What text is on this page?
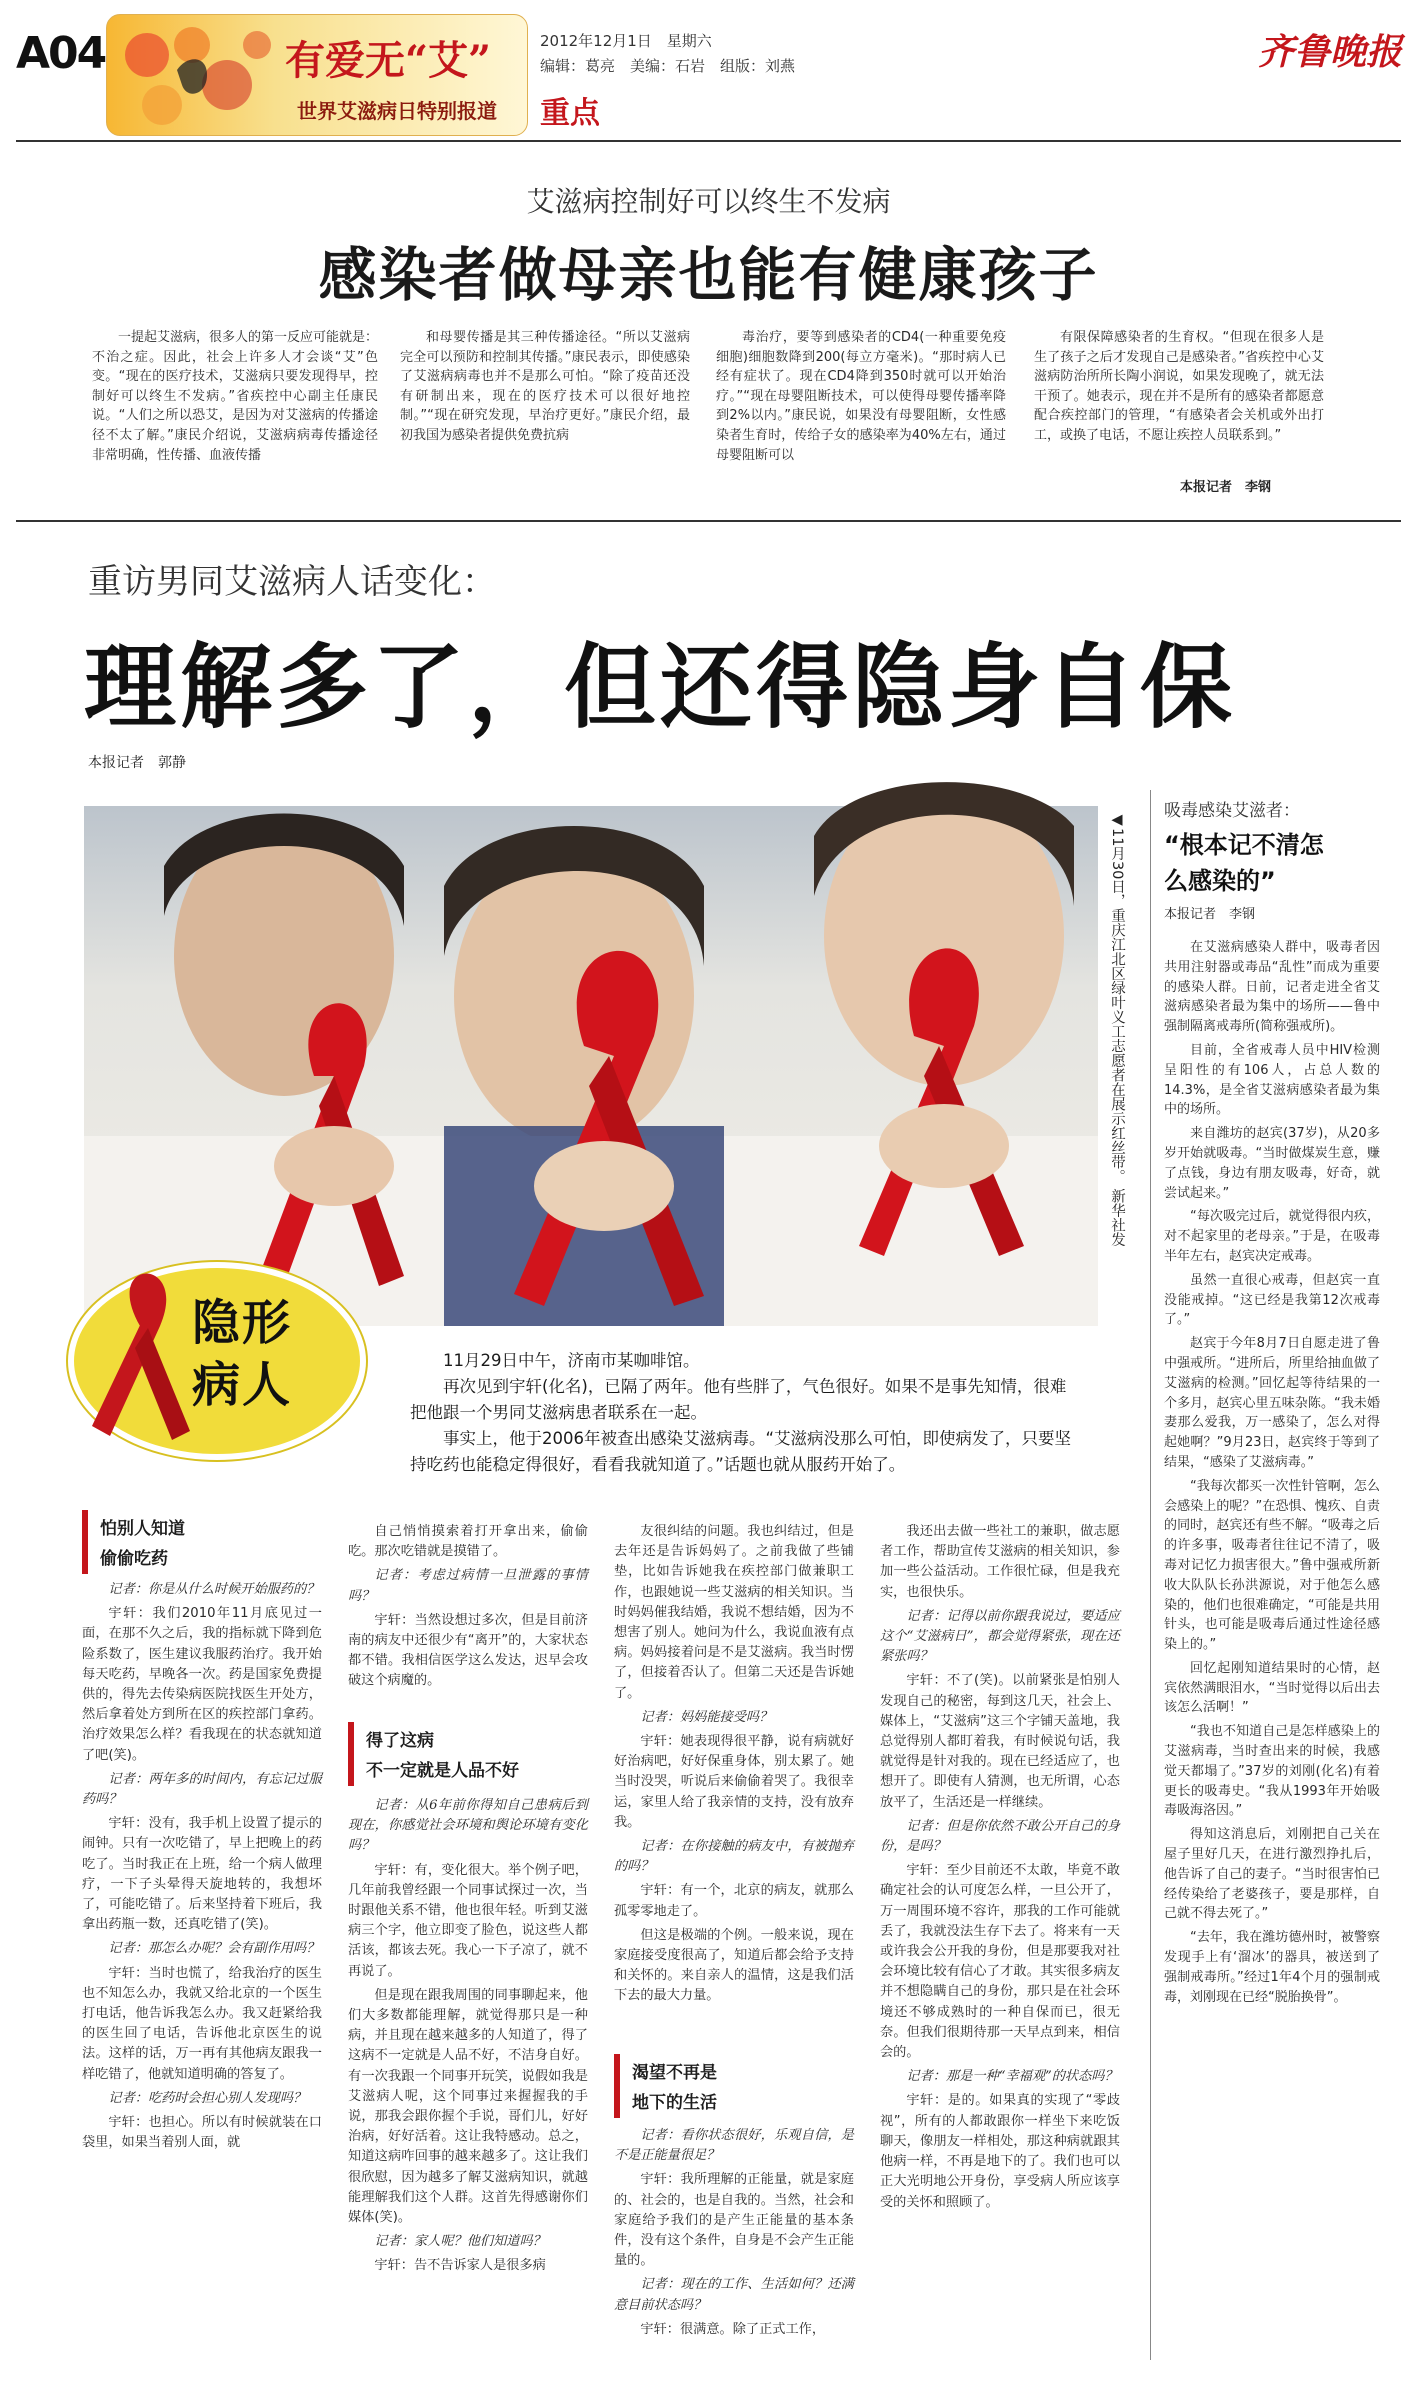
A04	有爱无“艾”
世界艾滋病日特别报道
2012年12月1日　星期六
编辑：葛亮　美编：石岩　组版：刘燕
重点
齐鲁晚报
艾滋病控制好可以终生不发病
感染者做母亲也能有健康孩子

一提起艾滋病，很多人的第一反应可能就是：不治之症。因此，社会上许多人才会谈“艾”色变。“现在的医疗技术，艾滋病只要发现得早，控制好可以终生不发病。”省疾控中心副主任康民说。“人们之所以恐艾，是因为对艾滋病的传播途径不太了解。”康民介绍说，艾滋病病毒传播途径非常明确，性传播、血液传播

和母婴传播是其三种传播途径。“所以艾滋病完全可以预防和控制其传播。”康民表示，即使感染了艾滋病病毒也并不是那么可怕。“除了疫苗还没有研制出来，现在的医疗技术可以很好地控制。”“现在研究发现，早治疗更好。”康民介绍，最初我国为感染者提供免费抗病

毒治疗，要等到感染者的CD4(一种重要免疫细胞)细胞数降到200(每立方毫米)。“那时病人已经有症状了。现在CD4降到350时就可以开始治疗。”“现在母婴阻断技术，可以使得母婴传播率降到2%以内。”康民说，如果没有母婴阻断，女性感染者生育时，传给子女的感染率为40%左右，通过母婴阻断可以

有限保障感染者的生育权。“但现在很多人是生了孩子之后才发现自己是感染者。”省疾控中心艾滋病防治所所长陶小润说，如果发现晚了，就无法干预了。她表示，现在并不是所有的感染者都愿意配合疾控部门的管理，“有感染者会关机或外出打工，或换了电话，不愿让疾控人员联系到。”

本报记者　李钢
重访男同艾滋病人话变化：
理解多了，但还得隐身自保
本报记者　郭静
◀11月30日，重庆江北区绿叶义工志愿者在展示红丝带。 新华社发
隐形病人	11月29日中午，济南市某咖啡馆。

再次见到宇轩(化名)，已隔了两年。他有些胖了，气色很好。如果不是事先知情，很难把他跟一个男同艾滋病患者联系在一起。

事实上，他于2006年被查出感染艾滋病毒。“艾滋病没那么可怕，即使病发了，只要坚持吃药也能稳定得很好，看看我就知道了。”话题也就从服药开始了。

怕别人知道
偷偷吃药

记者：你是从什么时候开始服药的？

宇轩：我们2010年11月底见过一面，在那不久之后，我的指标就下降到危险系数了，医生建议我服药治疗。我开始每天吃药，早晚各一次。药是国家免费提供的，得先去传染病医院找医生开处方，然后拿着处方到所在区的疾控部门拿药。治疗效果怎么样？看我现在的状态就知道了吧(笑)。

记者：两年多的时间内，有忘记过服药吗？

宇轩：没有，我手机上设置了提示的闹钟。只有一次吃错了，早上把晚上的药吃了。当时我正在上班，给一个病人做理疗，一下子头晕得天旋地转的，我想坏了，可能吃错了。后来坚持着下班后，我拿出药瓶一数，还真吃错了(笑)。

记者：那怎么办呢？会有副作用吗？

宇轩：当时也慌了，给我治疗的医生也不知怎么办，我就又给北京的一个医生打电话，他告诉我怎么办。我又赶紧给我的医生回了电话，告诉他北京医生的说法。这样的话，万一再有其他病友跟我一样吃错了，他就知道明确的答复了。

记者：吃药时会担心别人发现吗？

宇轩：也担心。所以有时候就装在口袋里，如果当着别人面，就

自己悄悄摸索着打开拿出来，偷偷吃。那次吃错就是摸错了。

记者：考虑过病情一旦泄露的事情吗？

宇轩：当然设想过多次，但是目前济南的病友中还很少有“离开”的，大家状态都不错。我相信医学这么发达，迟早会攻破这个病魔的。

得了这病
不一定就是人品不好

记者：从6年前你得知自己患病后到现在，你感觉社会环境和舆论环境有变化吗？

宇轩：有，变化很大。举个例子吧，几年前我曾经跟一个同事试探过一次，当时跟他关系不错，他也很年轻。听到艾滋病三个字，他立即变了脸色，说这些人都活该，都该去死。我心一下子凉了，就不再说了。

但是现在跟我周围的同事聊起来，他们大多数都能理解，就觉得那只是一种病，并且现在越来越多的人知道了，得了这病不一定就是人品不好，不洁身自好。有一次我跟一个同事开玩笑，说假如我是艾滋病人呢，这个同事过来握握我的手说，那我会跟你握个手说，哥们儿，好好治病，好好活着。这让我特感动。总之，知道这病咋回事的越来越多了。这让我们很欣慰，因为越多了解艾滋病知识，就越能理解我们这个人群。这首先得感谢你们媒体(笑)。

记者：家人呢？他们知道吗？

宇轩：告不告诉家人是很多病

友很纠结的问题。我也纠结过，但是去年还是告诉妈妈了。之前我做了些铺垫，比如告诉她我在疾控部门做兼职工作，也跟她说一些艾滋病的相关知识。当时妈妈催我结婚，我说不想结婚，因为不想害了别人。她问为什么，我说血液有点病。妈妈接着问是不是艾滋病。我当时愣了，但接着否认了。但第二天还是告诉她了。

记者：妈妈能接受吗？

宇轩：她表现得很平静，说有病就好好治病吧，好好保重身体，别太累了。她当时没哭，听说后来偷偷着哭了。我很幸运，家里人给了我亲情的支持，没有放弃我。

记者：在你接触的病友中，有被抛弃的吗？

宇轩：有一个，北京的病友，就那么孤零零地走了。

但这是极端的个例。一般来说，现在家庭接受度很高了，知道后都会给予支持和关怀的。来自亲人的温情，这是我们活下去的最大力量。

渴望不再是
地下的生活

记者：看你状态很好，乐观自信，是不是正能量很足？

宇轩：我所理解的正能量，就是家庭的、社会的，也是自我的。当然，社会和家庭给予我们的是产生正能量的基本条件，没有这个条件，自身是不会产生正能量的。

记者：现在的工作、生活如何？还满意目前状态吗？

宇轩：很满意。除了正式工作，

我还出去做一些社工的兼职，做志愿者工作，帮助宣传艾滋病的相关知识，参加一些公益活动。工作很忙碌，但是我充实，也很快乐。

记者：记得以前你跟我说过，要适应这个“艾滋病日”，都会觉得紧张，现在还紧张吗？

宇轩：不了(笑)。以前紧张是怕别人发现自己的秘密，每到这几天，社会上、媒体上，“艾滋病”这三个字铺天盖地，我总觉得别人都盯着我，有时候说句话，我就觉得是针对我的。现在已经适应了，也想开了。即使有人猜测，也无所谓，心态放平了，生活还是一样继续。

记者：但是你依然不敢公开自己的身份，是吗？

宇轩：至少目前还不太敢，毕竟不敢确定社会的认可度怎么样，一旦公开了，万一周围环境不容许，那我的工作可能就丢了，我就没法生存下去了。将来有一天或许我会公开我的身份，但是那要我对社会环境比较有信心了才敢。其实很多病友并不想隐瞒自己的身份，那只是在社会环境还不够成熟时的一种自保而已，很无奈。但我们很期待那一天早点到来，相信会的。

记者：那是一种“幸福观”的状态吗？

宇轩：是的。如果真的实现了“零歧视”，所有的人都敢跟你一样坐下来吃饭聊天，像朋友一样相处，那这种病就跟其他病一样，不再是地下的了。我们也可以正大光明地公开身份，享受病人所应该享受的关怀和照顾了。

吸毒感染艾滋者：
“根本记不清怎么感染的”
本报记者　李钢

在艾滋病感染人群中，吸毒者因共用注射器或毒品“乱性”而成为重要的感染人群。日前，记者走进全省艾滋病感染者最为集中的场所——鲁中强制隔离戒毒所(简称强戒所)。

目前，全省戒毒人员中HIV检测呈阳性的有106人，占总人数的14.3%，是全省艾滋病感染者最为集中的场所。

来自潍坊的赵宾(37岁)，从20多岁开始就吸毒。“当时做煤炭生意，赚了点钱，身边有朋友吸毒，好奇，就尝试起来。”

“每次吸完过后，就觉得很内疚，对不起家里的老母亲。”于是，在吸毒半年左右，赵宾决定戒毒。

虽然一直很心戒毒，但赵宾一直没能戒掉。“这已经是我第12次戒毒了。”

赵宾于今年8月7日自愿走进了鲁中强戒所。“进所后，所里给抽血做了艾滋病的检测。”回忆起等待结果的一个多月，赵宾心里五味杂陈。“我未婚妻那么爱我，万一感染了，怎么对得起她啊？”9月23日，赵宾终于等到了结果，“感染了艾滋病毒。”

“我每次都买一次性针管啊，怎么会感染上的呢？”在恐惧、愧疚、自责的同时，赵宾还有些不解。“吸毒之后的许多事，吸毒者往往记不清了，吸毒对记忆力损害很大。”鲁中强戒所新收大队队长孙洪源说，对于他怎么感染的，他们也很难确定，“可能是共用针头，也可能是吸毒后通过性途径感染上的。”

回忆起刚知道结果时的心情，赵宾依然满眼泪水，“当时觉得以后出去该怎么活啊！”

“我也不知道自己是怎样感染上的艾滋病毒，当时查出来的时候，我感觉天都塌了。”37岁的刘刚(化名)有着更长的吸毒史。“我从1993年开始吸毒吸海洛因。”

得知这消息后，刘刚把自己关在屋子里好几天，在进行激烈挣扎后，他告诉了自己的妻子。“当时很害怕已经传染给了老婆孩子，要是那样，自己就不得去死了。”

“去年，我在潍坊德州时，被警察发现手上有‘溜冰’的器具，被送到了强制戒毒所。”经过1年4个月的强制戒毒，刘刚现在已经“脱胎换骨”。
